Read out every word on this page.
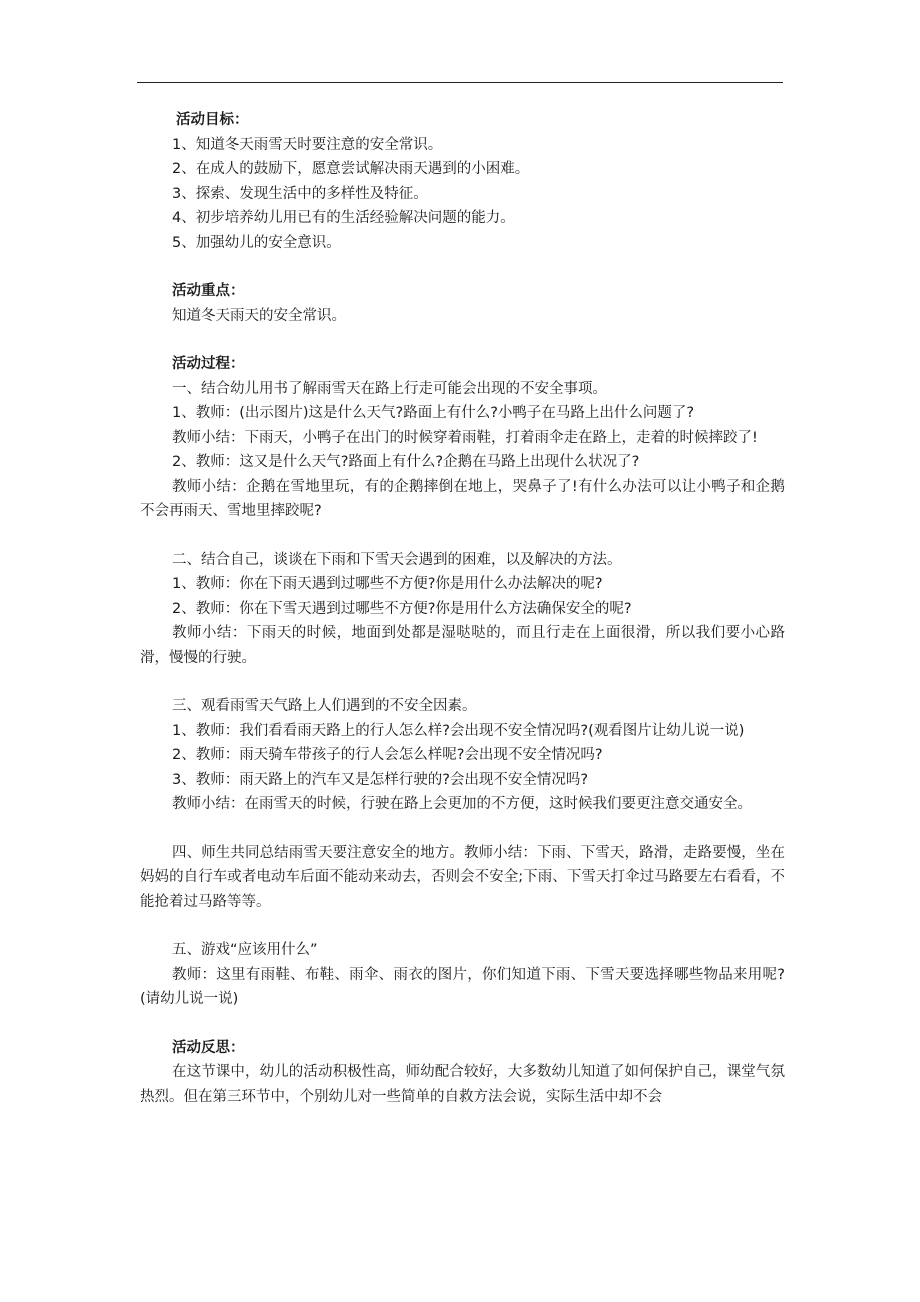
活动目标：

1、知道冬天雨雪天时要注意的安全常识。

2、在成人的鼓励下，愿意尝试解决雨天遇到的小困难。

3、探索、发现生活中的多样性及特征。

4、初步培养幼儿用已有的生活经验解决问题的能力。

5、加强幼儿的安全意识。

活动重点：

知道冬天雨天的安全常识。

活动过程：

一、结合幼儿用书了解雨雪天在路上行走可能会出现的不安全事项。

1、教师：(出示图片)这是什么天气?路面上有什么?小鸭子在马路上出什么问题了?

教师小结：下雨天，小鸭子在出门的时候穿着雨鞋，打着雨伞走在路上，走着的时候摔跤了!

2、教师：这又是什么天气?路面上有什么?企鹅在马路上出现什么状况了?

教师小结：企鹅在雪地里玩，有的企鹅摔倒在地上，哭鼻子了!有什么办法可以让小鸭子和企鹅不会再雨天、雪地里摔跤呢?

二、结合自己，谈谈在下雨和下雪天会遇到的困难，以及解决的方法。

1、教师：你在下雨天遇到过哪些不方便?你是用什么办法解决的呢?

2、教师：你在下雪天遇到过哪些不方便?你是用什么方法确保安全的呢?

教师小结：下雨天的时候，地面到处都是湿哒哒的，而且行走在上面很滑，所以我们要小心路滑，慢慢的行驶。

三、观看雨雪天气路上人们遇到的不安全因素。

1、教师：我们看看雨天路上的行人怎么样?会出现不安全情况吗?(观看图片让幼儿说一说)

2、教师：雨天骑车带孩子的行人会怎么样呢?会出现不安全情况吗?

3、教师：雨天路上的汽车又是怎样行驶的?会出现不安全情况吗?

教师小结：在雨雪天的时候，行驶在路上会更加的不方便，这时候我们要更注意交通安全。

四、师生共同总结雨雪天要注意安全的地方。教师小结：下雨、下雪天，路滑，走路要慢，坐在妈妈的自行车或者电动车后面不能动来动去，否则会不安全;下雨、下雪天打伞过马路要左右看看，不能抢着过马路等等。

五、游戏“应该用什么”

教师：这里有雨鞋、布鞋、雨伞、雨衣的图片，你们知道下雨、下雪天要选择哪些物品来用呢?(请幼儿说一说)

活动反思：

在这节课中，幼儿的活动积极性高，师幼配合较好，大多数幼儿知道了如何保护自己，课堂气氛热烈。但在第三环节中，个别幼儿对一些简单的自救方法会说，实际生活中却不会
